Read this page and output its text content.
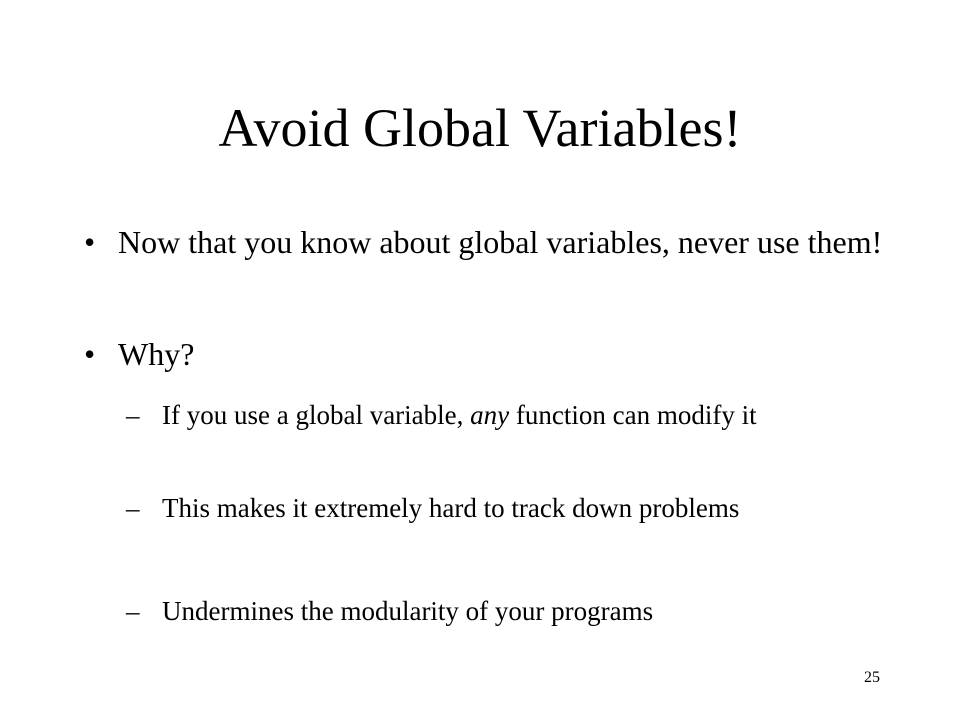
Avoid Global Variables!
• Now that you know about global variables, never use them!
• Why?
– If you use a global variable, any function can modify it
– This makes it extremely hard to track down problems
– Undermines the modularity of your programs
25
